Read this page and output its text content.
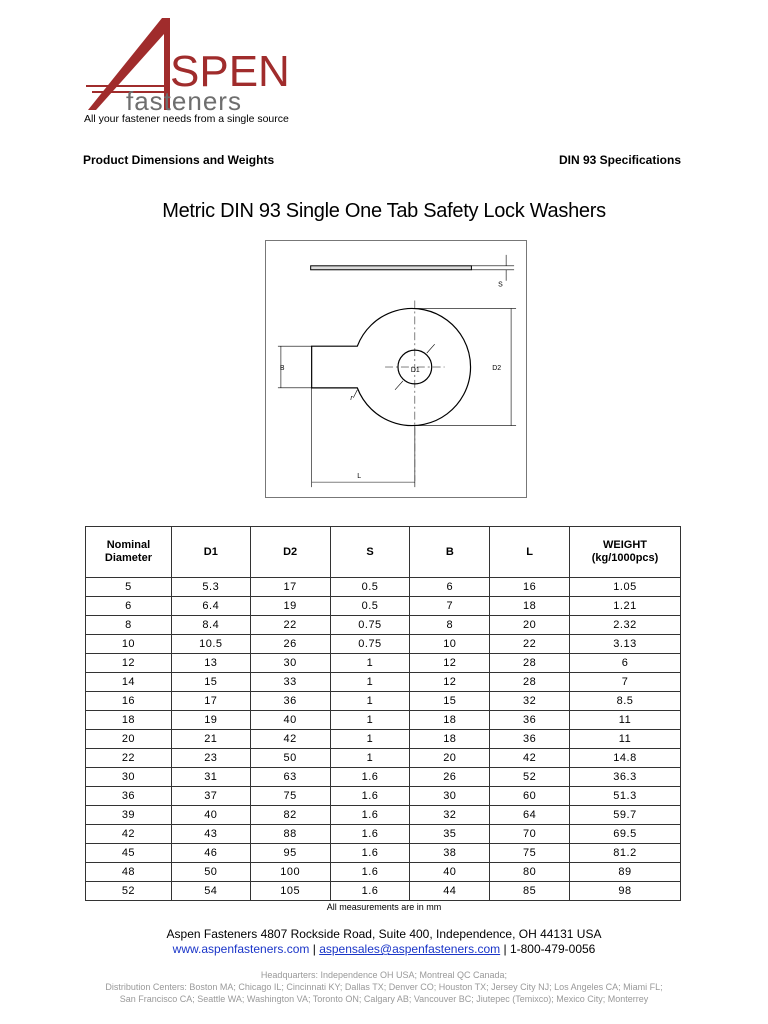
SPEN
fasteners
All your fastener needs from a single source
Product Dimensions and Weights	DIN 93 Specifications
Metric DIN 93 Single One Tab Safety Lock Washers
S
B	D1	D2
r
L
Nominal
Diameter	D1	D2	S	B	L	WEIGHT
(kg/1000pcs)
5	5.3	17	0.5	6	16	1.05
6	6.4	19	0.5	7	18	1.21
8	8.4	22	0.75	8	20	2.32
10	10.5	26	0.75	10	22	3.13
12	13	30	1	12	28	6
14	15	33	1	12	28	7
16	17	36	1	15	32	8.5
18	19	40	1	18	36	11
20	21	42	1	18	36	11
22	23	50	1	20	42	14.8
30	31	63	1.6	26	52	36.3
36	37	75	1.6	30	60	51.3
39	40	82	1.6	32	64	59.7
42	43	88	1.6	35	70	69.5
45	46	95	1.6	38	75	81.2
48	50	100	1.6	40	80	89
52	54	105	1.6	44	85	98
All measurements are in mm
Aspen Fasteners 4807 Rockside Road, Suite 400, Independence, OH 44131 USA
www.aspenfasteners.com | aspensales@aspenfasteners.com | 1-800-479-0056
Headquarters: Independence OH USA; Montreal QC Canada;
Distribution Centers: Boston MA; Chicago IL; Cincinnati KY; Dallas TX; Denver CO; Houston TX; Jersey City NJ; Los Angeles CA; Miami FL;
San Francisco CA; Seattle WA; Washington VA; Toronto ON; Calgary AB; Vancouver BC; Jiutepec (Temixco); Mexico City; Monterrey
